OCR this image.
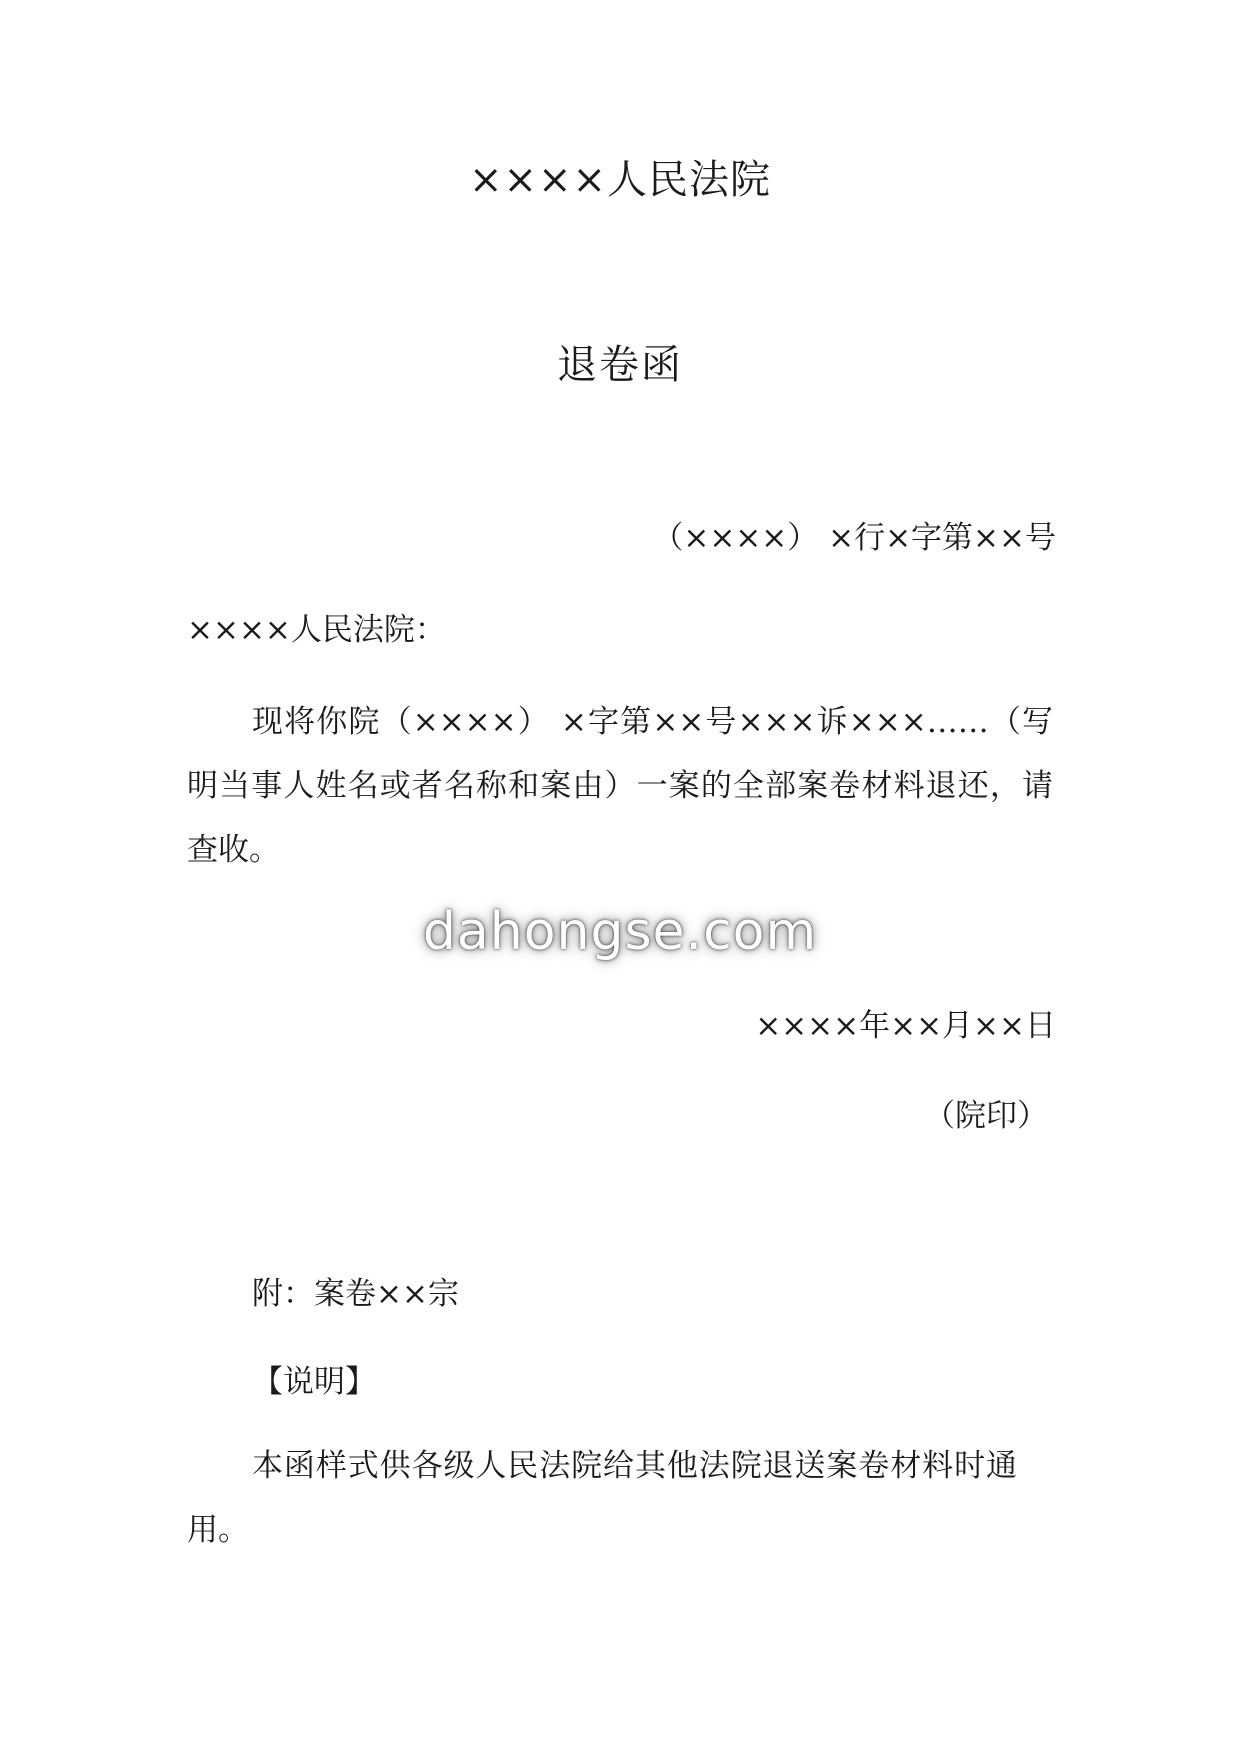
××××人民法院
退卷函
（××××） ×行×字第××号
××××人民法院：
现将你院（××××） ×字第××号×××诉×××……（写明当事人姓名或者名称和案由）一案的全部案卷材料退还，请查收。
dahongse.com
××××年××月××日
（院印）
附：案卷××宗
【说明】
本函样式供各级人民法院给其他法院退送案卷材料时通用。
